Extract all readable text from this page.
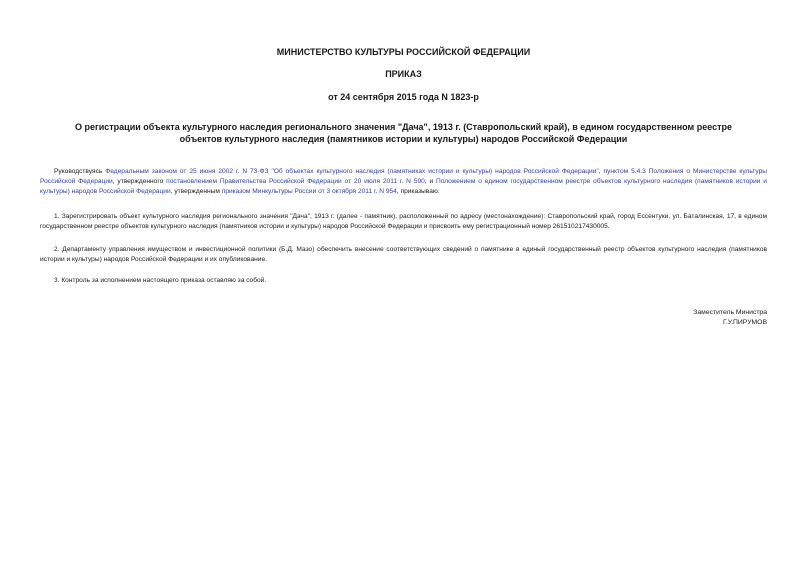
МИНИСТЕРСТВО КУЛЬТУРЫ РОССИЙСКОЙ ФЕДЕРАЦИИ
ПРИКАЗ
от 24 сентября 2015 года N 1823-р
О регистрации объекта культурного наследия регионального значения "Дача", 1913 г. (Ставропольский край), в едином государственном реестре объектов культурного наследия (памятников истории и культуры) народов Российской Федерации
Руководствуясь Федеральным законом от 25 июня 2002 г. N 73-ФЗ "Об объектах культурного наследия (памятниках истории и культуры) народов Российской Федерации", пунктом 5.4.3 Положения о Министерстве культуры Российской Федерации, утвержденного постановлением Правительства Российской Федерации от 20 июля 2011 г. N 590, и Положением о едином государственном реестре объектов культурного наследия (памятников истории и культуры) народов Российской Федерации, утвержденным приказом Минкультуры России от 3 октября 2011 г. N 954, приказываю:
1. Зарегистрировать объект культурного наследия регионального значения "Дача", 1913 г. (далее - памятник), расположенный по адресу (местонахождение): Ставропольский край, город Ессентуки, ул. Баталинская, 17, в едином государственном реестре объектов культурного наследия (памятников истории и культуры) народов Российской Федерации и присвоить ему регистрационный номер 261510217430005.
2. Департаменту управления имуществом и инвестиционной политики (Б.Д. Мазо) обеспечить внесение соответствующих сведений о памятнике в единый государственный реестр объектов культурного наследия (памятников истории и культуры) народов Российской Федерации и их опубликование.
3. Контроль за исполнением настоящего приказа оставляю за собой.
Заместитель Министра
Г.У.ПИРУМОВ
